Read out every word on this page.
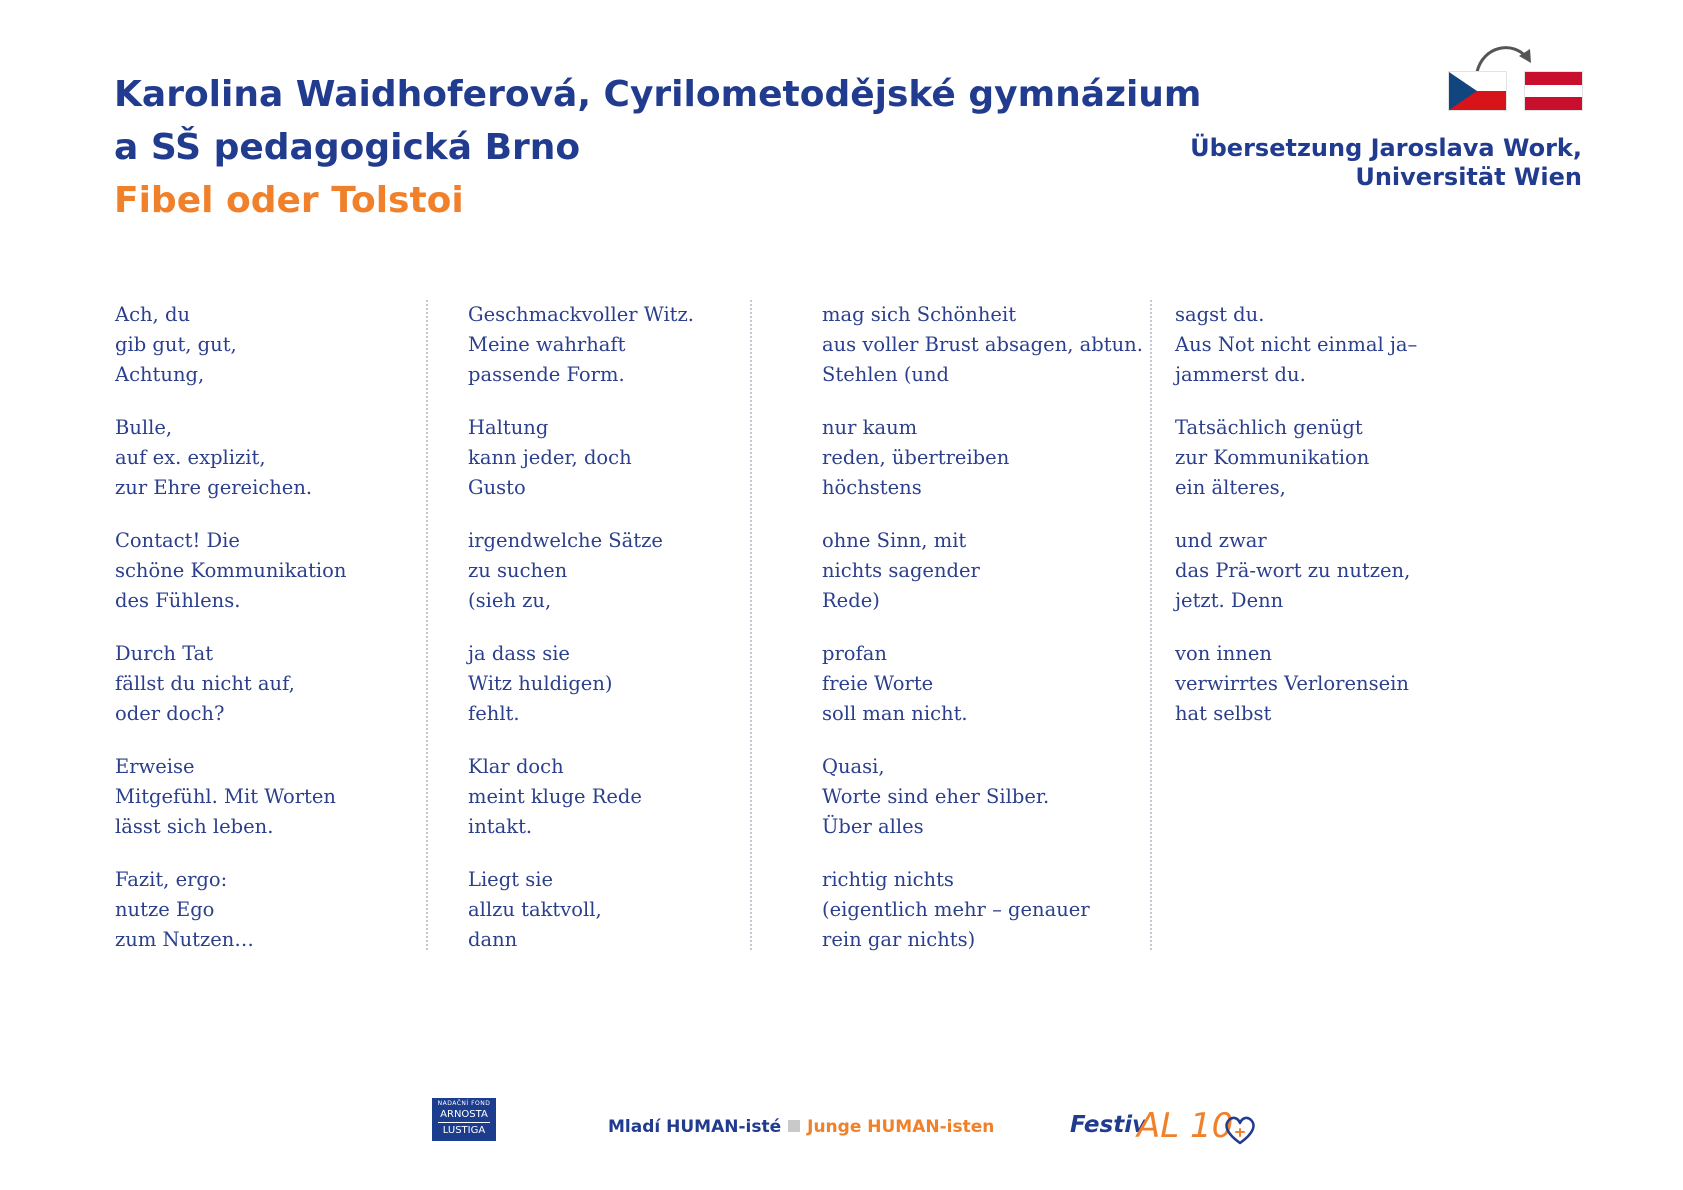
Karolina Waidhoferová, Cyrilometodějské gymnázium
a SŠ pedagogická Brno
Fibel oder Tolstoi

Übersetzung Jaroslava Work,
Universität Wien

Ach, du
gib gut, gut,
Achtung,
Bulle,
auf ex. explizit,
zur Ehre gereichen.
Contact! Die
schöne Kommunikation
des Fühlens.
Durch Tat
fällst du nicht auf,
oder doch?
Erweise
Mitgefühl. Mit Worten
lässt sich leben.
Fazit, ergo:
nutze Ego
zum Nutzen…
Geschmackvoller Witz.
Meine wahrhaft
passende Form.
Haltung
kann jeder, doch
Gusto
irgendwelche Sätze
zu suchen
(sieh zu,
ja dass sie
Witz huldigen)
fehlt.
Klar doch
meint kluge Rede
intakt.
Liegt sie
allzu taktvoll,
dann
mag sich Schönheit
aus voller Brust absagen, abtun.
Stehlen (und
nur kaum
reden, übertreiben
höchstens
ohne Sinn, mit
nichts sagender
Rede)
profan
freie Worte
soll man nicht.
Quasi,
Worte sind eher Silber.
Über alles
richtig nichts
(eigentlich mehr – genauer
rein gar nichts)
sagst du.
Aus Not nicht einmal ja–
jammerst du.
Tatsächlich genügt
zur Kommunikation
ein älteres,
und zwar
das Prä-wort zu nutzen,
jetzt. Denn
von innen
verwirrtes Verlorensein
hat selbst
NADAČNÍ FOND
ARNOSTA
LUSTIGA	Mladí HUMAN-isté Junge HUMAN-isten	Festiv
AL 10
